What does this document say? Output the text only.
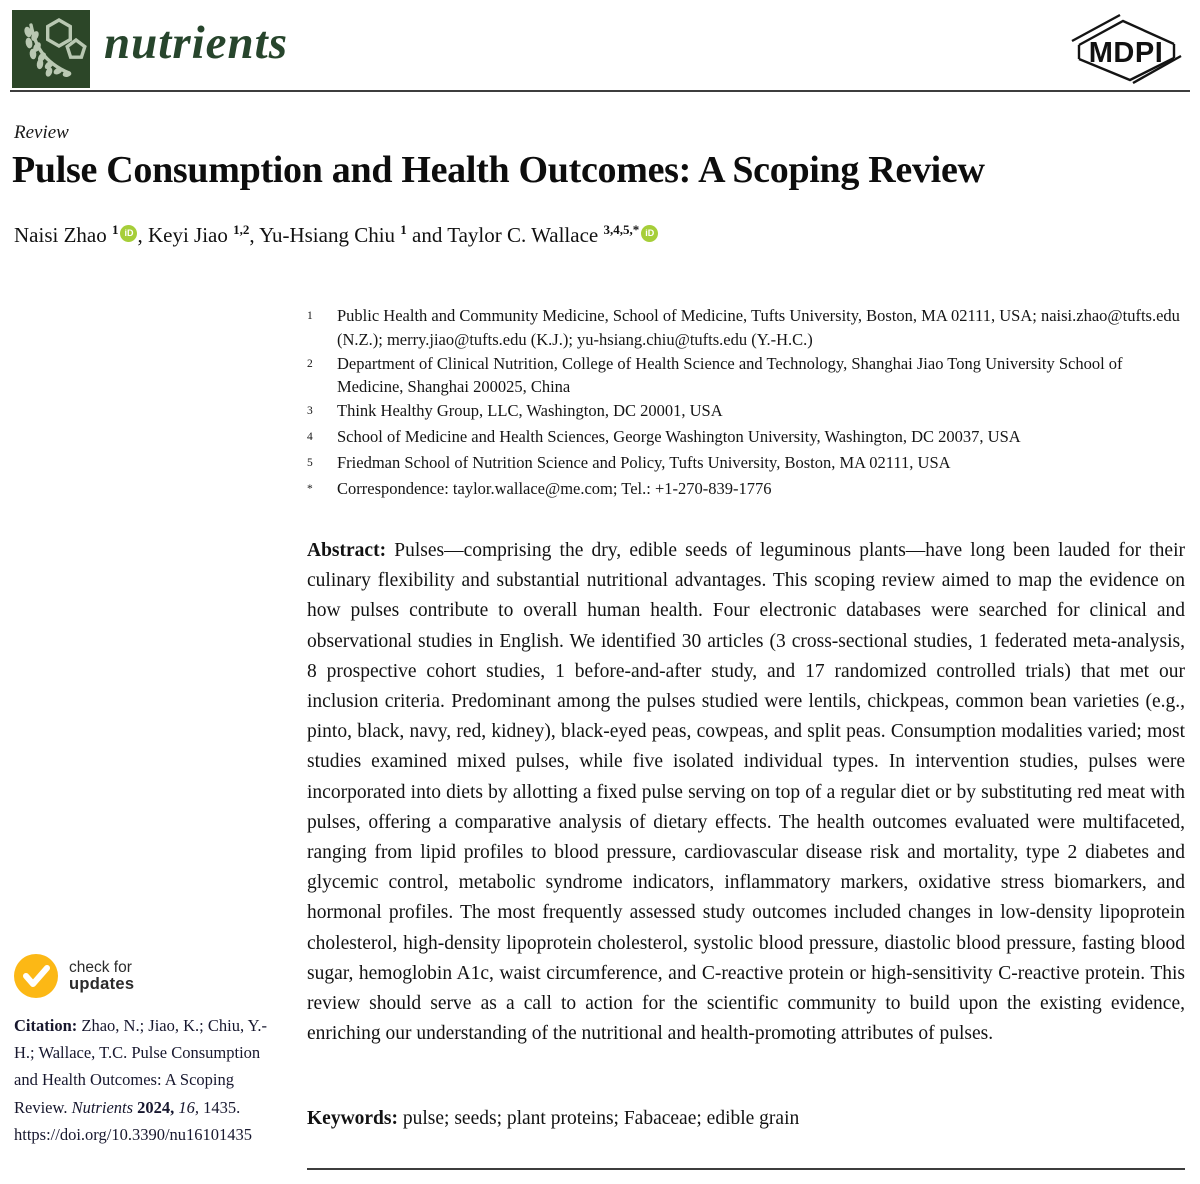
nutrients	MDPI
Review
Pulse Consumption and Health Outcomes: A Scoping Review
Naisi Zhao $^1$ iD , Keyi Jiao $^{1,2}$, Yu-Hsiang Chiu $^1$ and Taylor C. Wallace $^{3,4,5,*}$ iD
1	Public Health and Community Medicine, School of Medicine, Tufts University, Boston, MA 02111, USA; naisi.zhao@tufts.edu (N.Z.); merry.jiao@tufts.edu (K.J.); yu-hsiang.chiu@tufts.edu (Y.-H.C.)
2	Department of Clinical Nutrition, College of Health Science and Technology, Shanghai Jiao Tong University School of Medicine, Shanghai 200025, China
3	Think Healthy Group, LLC, Washington, DC 20001, USA
4	School of Medicine and Health Sciences, George Washington University, Washington, DC 20037, USA
5	Friedman School of Nutrition Science and Policy, Tufts University, Boston, MA 02111, USA
*	Correspondence: taylor.wallace@me.com; Tel.: +1-270-839-1776
Abstract: Pulses—comprising the dry, edible seeds of leguminous plants—have long been lauded for their culinary flexibility and substantial nutritional advantages. This scoping review aimed to map the evidence on how pulses contribute to overall human health. Four electronic databases were searched for clinical and observational studies in English. We identified 30 articles (3 cross-sectional studies, 1 federated meta-analysis, 8 prospective cohort studies, 1 before-and-after study, and 17 randomized controlled trials) that met our inclusion criteria. Predominant among the pulses studied were lentils, chickpeas, common bean varieties (e.g., pinto, black, navy, red, kidney), black-eyed peas, cowpeas, and split peas. Consumption modalities varied; most studies examined mixed pulses, while five isolated individual types. In intervention studies, pulses were incorporated into diets by allotting a fixed pulse serving on top of a regular diet or by substituting red meat with pulses, offering a comparative analysis of dietary effects. The health outcomes evaluated were multifaceted, ranging from lipid profiles to blood pressure, cardiovascular disease risk and mortality, type 2 diabetes and glycemic control, metabolic syndrome indicators, inflammatory markers, oxidative stress biomarkers, and hormonal profiles. The most frequently assessed study outcomes included changes in low-density lipoprotein cholesterol, high-density lipoprotein cholesterol, systolic blood pressure, diastolic blood pressure, fasting blood sugar, hemoglobin A1c, waist circumference, and C-reactive protein or high-sensitivity C-reactive protein. This review should serve as a call to action for the scientific community to build upon the existing evidence, enriching our understanding of the nutritional and health-promoting attributes of pulses.
Keywords: pulse; seeds; plant proteins; Fabaceae; edible grain
check for
updates
Citation: Zhao, N.; Jiao, K.; Chiu, Y.-H.; Wallace, T.C. Pulse Consumption and Health Outcomes: A Scoping Review. Nutrients 2024, 16, 1435. https://doi.org/10.3390/nu16101435
